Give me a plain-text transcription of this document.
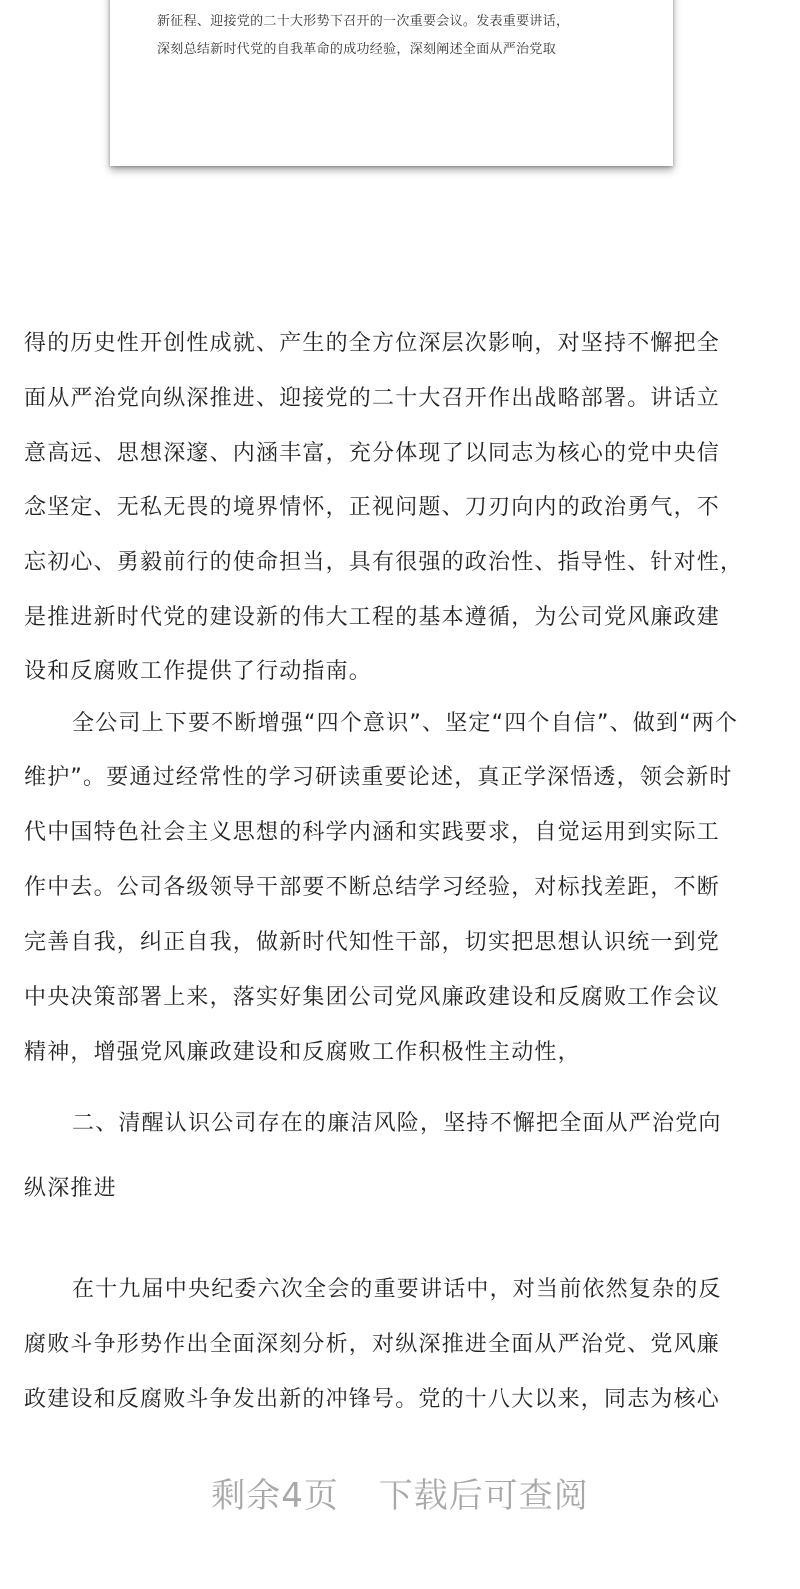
新征程、迎接党的二十大形势下召开的一次重要会议。发表重要讲话，
深刻总结新时代党的自我革命的成功经验，深刻阐述全面从严治党取
得的历史性开创性成就、产生的全方位深层次影响，对坚持不懈把全
面从严治党向纵深推进、迎接党的二十大召开作出战略部署。讲话立
意高远、思想深邃、内涵丰富，充分体现了以同志为核心的党中央信
念坚定、无私无畏的境界情怀，正视问题、刀刃向内的政治勇气，不
忘初心、勇毅前行的使命担当，具有很强的政治性、指导性、针对性，
是推进新时代党的建设新的伟大工程的基本遵循，为公司党风廉政建
设和反腐败工作提供了行动指南。
全公司上下要不断增强“四个意识”、坚定“四个自信”、做到“两个
维护”。要通过经常性的学习研读重要论述，真正学深悟透，领会新时
代中国特色社会主义思想的科学内涵和实践要求，自觉运用到实际工
作中去。公司各级领导干部要不断总结学习经验，对标找差距，不断
完善自我，纠正自我，做新时代知性干部，切实把思想认识统一到党
中央决策部署上来，落实好集团公司党风廉政建设和反腐败工作会议
精神，增强党风廉政建设和反腐败工作积极性主动性，
二、清醒认识公司存在的廉洁风险，坚持不懈把全面从严治党向
纵深推进
在十九届中央纪委六次全会的重要讲话中，对当前依然复杂的反
腐败斗争形势作出全面深刻分析，对纵深推进全面从严治党、党风廉
政建设和反腐败斗争发出新的冲锋号。党的十八大以来，同志为核心
剩余4页 下载后可查阅
